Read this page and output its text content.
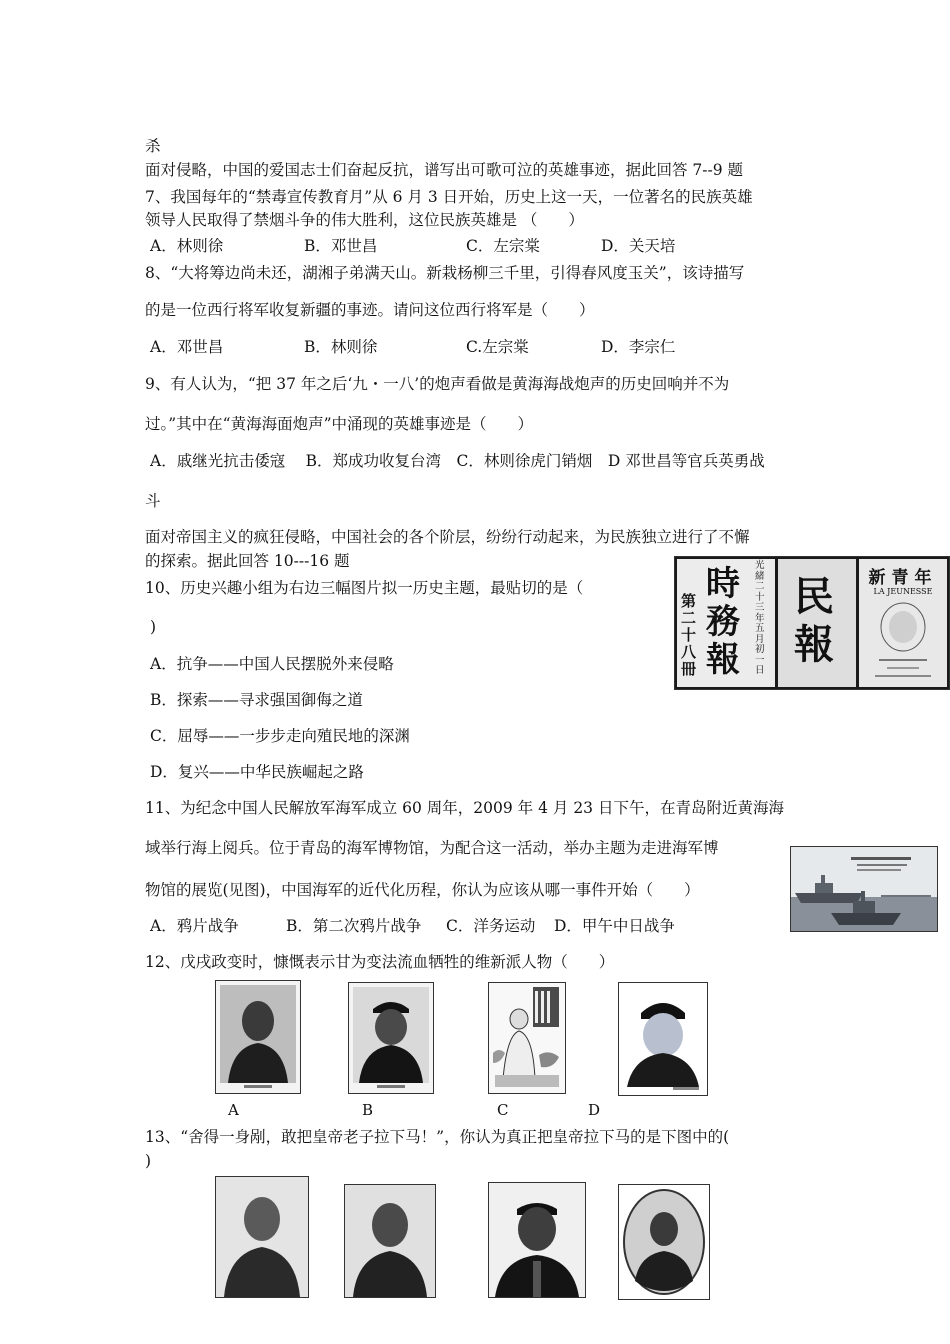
杀
面对侵略，中国的爱国志士们奋起反抗，谱写出可歌可泣的英雄事迹，据此回答 7--9 题
7、我国每年的“禁毒宣传教育月”从 6 月 3 日开始，历史上这一天，一位著名的民族英雄
领导人民取得了禁烟斗争的伟大胜利，这位民族英雄是 （　　）
A．林则徐	B．邓世昌	C．左宗棠	D．关天培
8、“大将筹边尚未还，湖湘子弟满天山。新栽杨柳三千里，引得春风度玉关”，该诗描写
的是一位西行将军收复新疆的事迹。请问这位西行将军是（　　）
A．邓世昌	B．林则徐	C.左宗棠	D．李宗仁
9、有人认为，“把 37 年之后‘九・一八’的炮声看做是黄海海战炮声的历史回响并不为
过。”其中在“黄海海面炮声”中涌现的英雄事迹是（　　）
A．戚继光抗击倭寇　 B．郑成功收复台湾　C．林则徐虎门销烟　D 邓世昌等官兵英勇战
斗
面对帝国主义的疯狂侵略，中国社会的各个阶层，纷纷行动起来，为民族独立进行了不懈
的探索。据此回答 10---16 题
10、历史兴趣小组为右边三幅图片拟一历史主题，最贴切的是（
)
A．抗争——中国人民摆脱外来侵略
B．探索——寻求强国御侮之道
C．屈辱——一步步走向殖民地的深渊
D．复兴——中华民族崛起之路
第
二
十
八
冊
時
務
報
光緒二十三年五月初一日
民
報
新青年
LA JEUNESSE
11、为纪念中国人民解放军海军成立 60 周年，2009 年 4 月 23 日下午，在青岛附近黄海海
域举行海上阅兵。位于青岛的海军博物馆，为配合这一活动，举办主题为走进海军博
物馆的展览(见图)，中国海军的近代化历程，你认为应该从哪一事件开始（　　）
A．鸦片战争	B．第二次鸦片战争 C．洋务运动 D．甲午中日战争
12、戊戌政变时，慷慨表示甘为变法流血牺牲的维新派人物（　　）
A	B	C	D
13、“舍得一身剐，敢把皇帝老子拉下马！”，你认为真正把皇帝拉下马的是下图中的(
)
